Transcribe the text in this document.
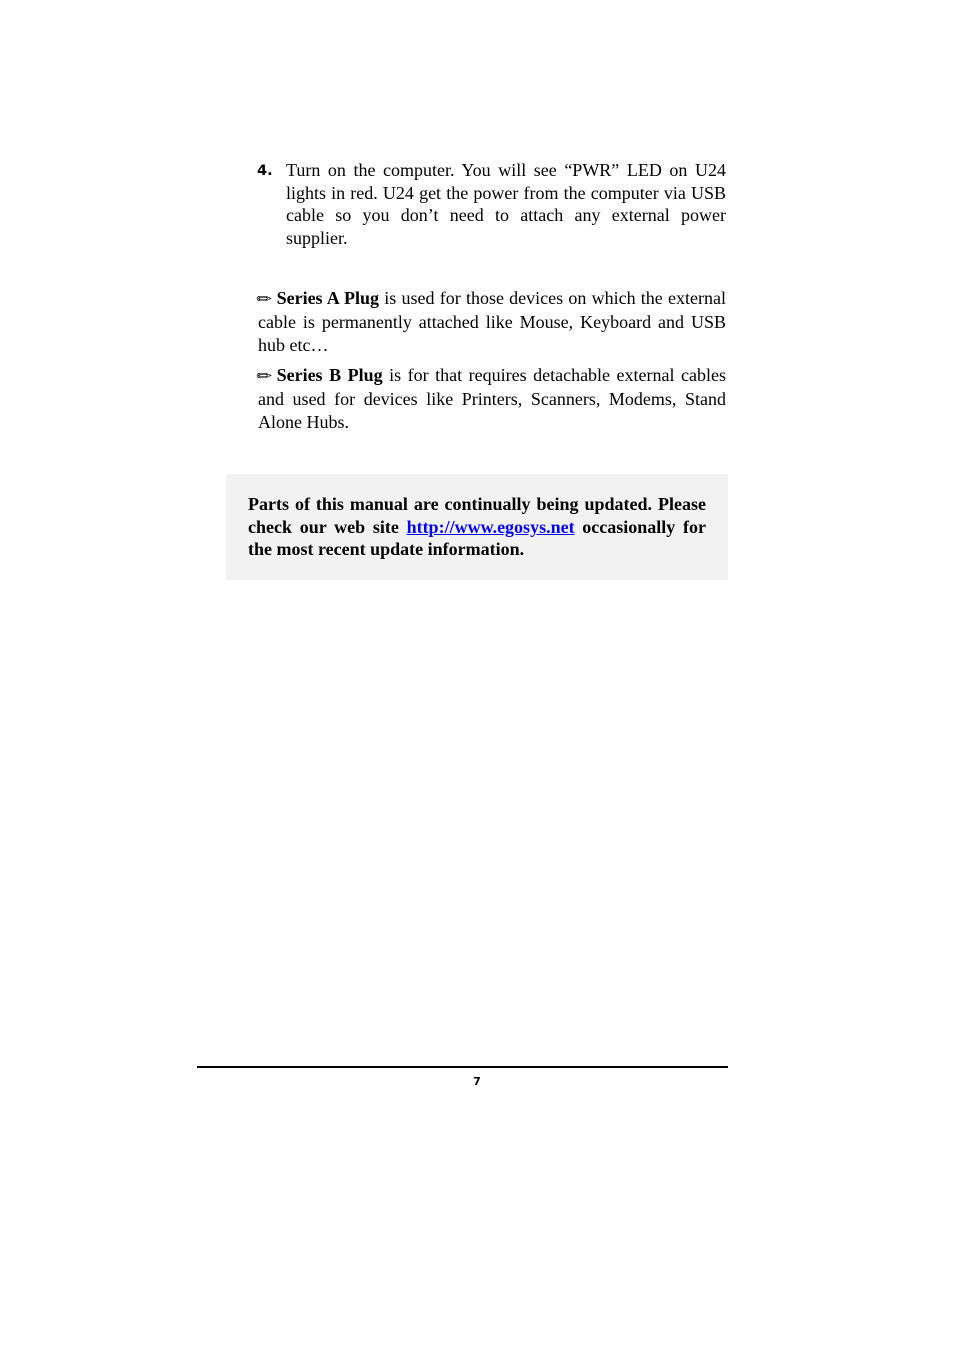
4. Turn on the computer. You will see “PWR” LED on U24 lights in red. U24 get the power from the computer via USB cable so you don’t need to attach any external power supplier.
✏ Series A Plug is used for those devices on which the external cable is permanently attached like Mouse, Keyboard and USB hub etc…
✏ Series B Plug is for that requires detachable external cables and used for devices like Printers, Scanners, Modems, Stand Alone Hubs.
Parts of this manual are continually being updated. Please check our web site http://www.egosys.net occasionally for the most recent update information.
7
